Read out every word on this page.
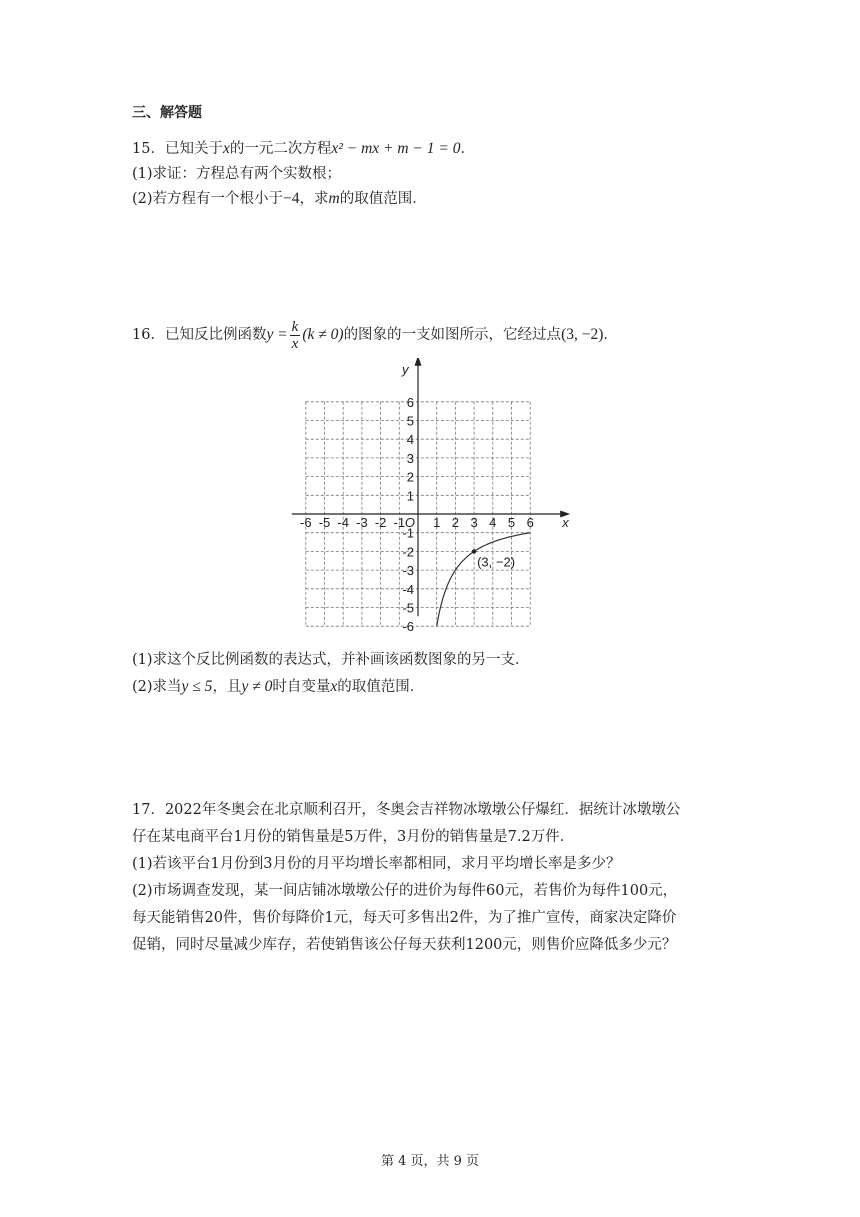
三、解答题
15．已知关于x的一元二次方程x² − mx + m − 1 = 0．
(1)求证：方程总有两个实数根；
(2)若方程有一个根小于−4，求m的取值范围．
16．已知反比例函数$y = \frac{k}{x} (k \ne 0)$的图象的一支如图所示，它经过点(3, −2)．
-6 -5 -4 -3 -2 -1 1 2 3 4 5 6
6
5
4
3
2
1
-1
-2
-3
-4
-5
-6
(3, −2)
x
y
O
(1)求这个反比例函数的表达式，并补画该函数图象的另一支．
(2)求当y ≤ 5，且y ≠ 0时自变量x的取值范围．
17．2022年冬奥会在北京顺利召开，冬奥会吉祥物冰墩墩公仔爆红．据统计冰墩墩公
仔在某电商平台1月份的销售量是5万件，3月份的销售量是7.2万件．
(1)若该平台1月份到3月份的月平均增长率都相同，求月平均增长率是多少？
(2)市场调查发现，某一间店铺冰墩墩公仔的进价为每件60元，若售价为每件100元，
每天能销售20件，售价每降价1元，每天可多售出2件，为了推广宣传，商家决定降价
促销，同时尽量减少库存，若使销售该公仔每天获利1200元，则售价应降低多少元？
第 4 页，共 9 页
